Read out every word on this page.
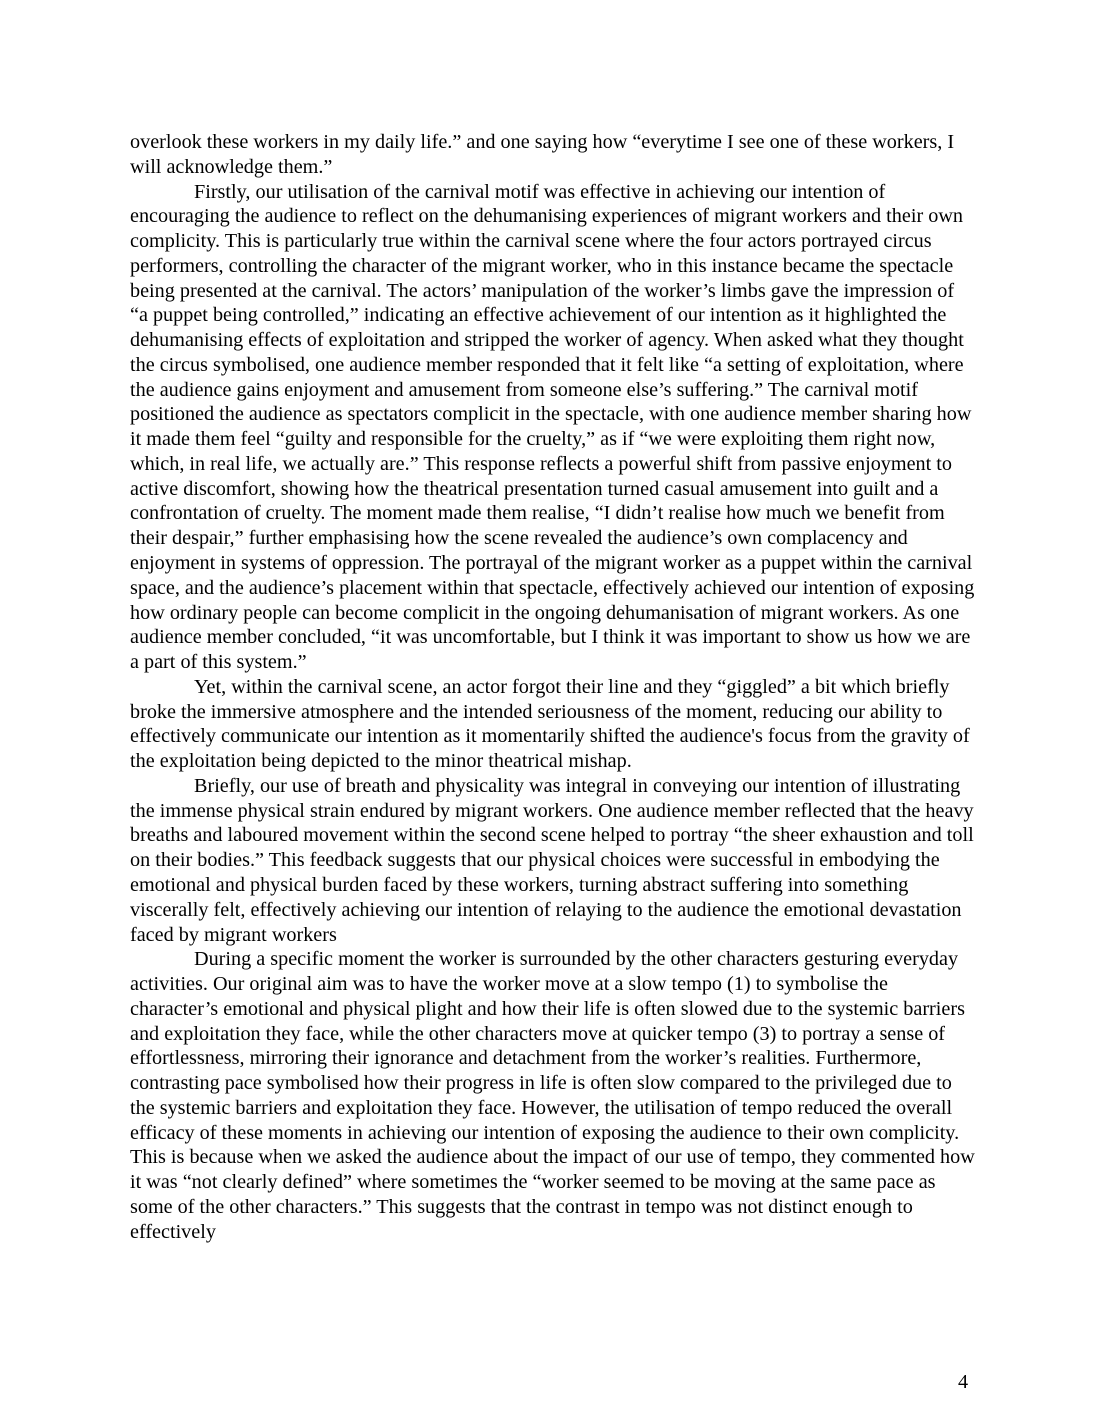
overlook these workers in my daily life.” and one saying how “everytime I see one of these workers, I will acknowledge them.”

Firstly, our utilisation of the carnival motif was effective in achieving our intention of encouraging the audience to reflect on the dehumanising experiences of migrant workers and their own complicity. This is particularly true within the carnival scene where the four actors portrayed circus performers, controlling the character of the migrant worker, who in this instance became the spectacle being presented at the carnival. The actors’ manipulation of the worker’s limbs gave the impression of “a puppet being controlled,” indicating an effective achievement of our intention as it highlighted the dehumanising effects of exploitation and stripped the worker of agency. When asked what they thought the circus symbolised, one audience member responded that it felt like “a setting of exploitation, where the audience gains enjoyment and amusement from someone else’s suffering.” The carnival motif positioned the audience as spectators complicit in the spectacle, with one audience member sharing how it made them feel “guilty and responsible for the cruelty,” as if “we were exploiting them right now, which, in real life, we actually are.” This response reflects a powerful shift from passive enjoyment to active discomfort, showing how the theatrical presentation turned casual amusement into guilt and a confrontation of cruelty. The moment made them realise, “I didn’t realise how much we benefit from their despair,” further emphasising how the scene revealed the audience’s own complacency and enjoyment in systems of oppression. The portrayal of the migrant worker as a puppet within the carnival space, and the audience’s placement within that spectacle, effectively achieved our intention of exposing how ordinary people can become complicit in the ongoing dehumanisation of migrant workers. As one audience member concluded, “it was uncomfortable, but I think it was important to show us how we are a part of this system.”

Yet, within the carnival scene, an actor forgot their line and they “giggled” a bit which briefly broke the immersive atmosphere and the intended seriousness of the moment, reducing our ability to effectively communicate our intention as it momentarily shifted the audience's focus from the gravity of the exploitation being depicted to the minor theatrical mishap.

Briefly, our use of breath and physicality was integral in conveying our intention of illustrating the immense physical strain endured by migrant workers. One audience member reflected that the heavy breaths and laboured movement within the second scene helped to portray “the sheer exhaustion and toll on their bodies.” This feedback suggests that our physical choices were successful in embodying the emotional and physical burden faced by these workers, turning abstract suffering into something viscerally felt, effectively achieving our intention of relaying to the audience the emotional devastation faced by migrant workers

During a specific moment the worker is surrounded by the other characters gesturing everyday activities. Our original aim was to have the worker move at a slow tempo (1) to symbolise the character’s emotional and physical plight and how their life is often slowed due to the systemic barriers and exploitation they face, while the other characters move at quicker tempo (3) to portray a sense of effortlessness, mirroring their ignorance and detachment from the worker’s realities. Furthermore, contrasting pace symbolised how their progress in life is often slow compared to the privileged due to the systemic barriers and exploitation they face. However, the utilisation of tempo reduced the overall efficacy of these moments in achieving our intention of exposing the audience to their own complicity. This is because when we asked the audience about the impact of our use of tempo, they commented how it was “not clearly defined” where sometimes the “worker seemed to be moving at the same pace as some of the other characters.” This suggests that the contrast in tempo was not distinct enough to effectively

4
